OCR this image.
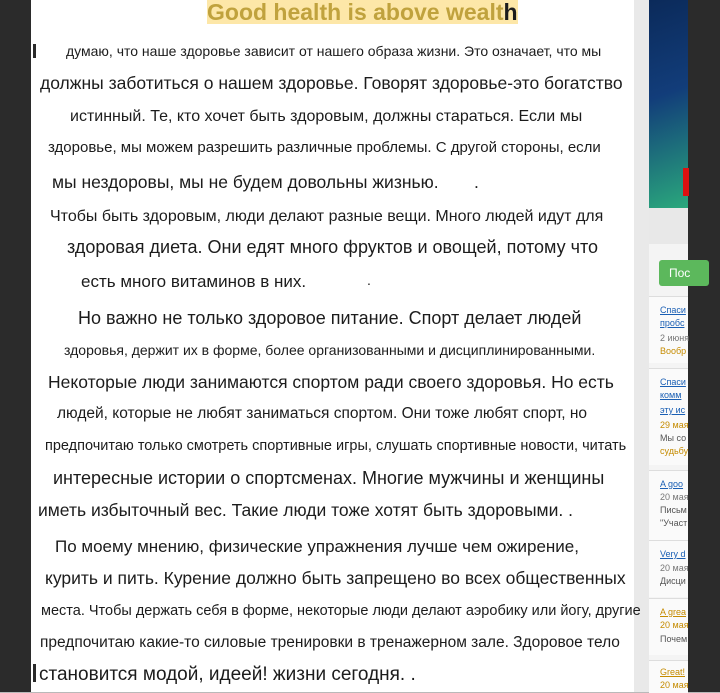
Пос
Спаси
пробс
2 июня
Вообр
Спаси
комм
эту ис
29 мая
Мы со
судьбу
A goo
20 мая
Письм
"Участ
Very d
20 мая
Дисци
A grea
20 мая
Почем
Great!
20 мая
Good health is above wealth
думаю, что наше здоровье зависит от нашего образа жизни. Это означает, что мы
должны заботиться о нашем здоровье. Говорят здоровье-это богатство
истинный. Те, кто хочет быть здоровым, должны стараться. Если мы
здоровье, мы можем разрешить различные проблемы. С другой стороны, если
мы нездоровы, мы не будем довольны жизнью. .
Чтобы быть здоровым, люди делают разные вещи. Много людей идут для
здоровая диета. Они едят много фруктов и овощей, потому что
есть много витаминов в них.	.
Но важно не только здоровое питание. Спорт делает людей
здоровья, держит их в форме, более организованными и дисциплинированными.
Некоторые люди занимаются спортом ради своего здоровья. Но есть
людей, которые не любят заниматься спортом. Они тоже любят спорт, но
предпочитаю только смотреть спортивные игры, слушать спортивные новости, читать
интересные истории о спортсменах. Многие мужчины и женщины
иметь избыточный вес. Такие люди тоже хотят быть здоровыми. .
По моему мнению, физические упражнения лучше чем ожирение,
курить и пить. Курение должно быть запрещено во всех общественных
места. Чтобы держать себя в форме, некоторые люди делают аэробику или йогу, другие
предпочитаю какие-то силовые тренировки в тренажерном зале. Здоровое тело
становится модой, идеей! жизни сегодня. .
